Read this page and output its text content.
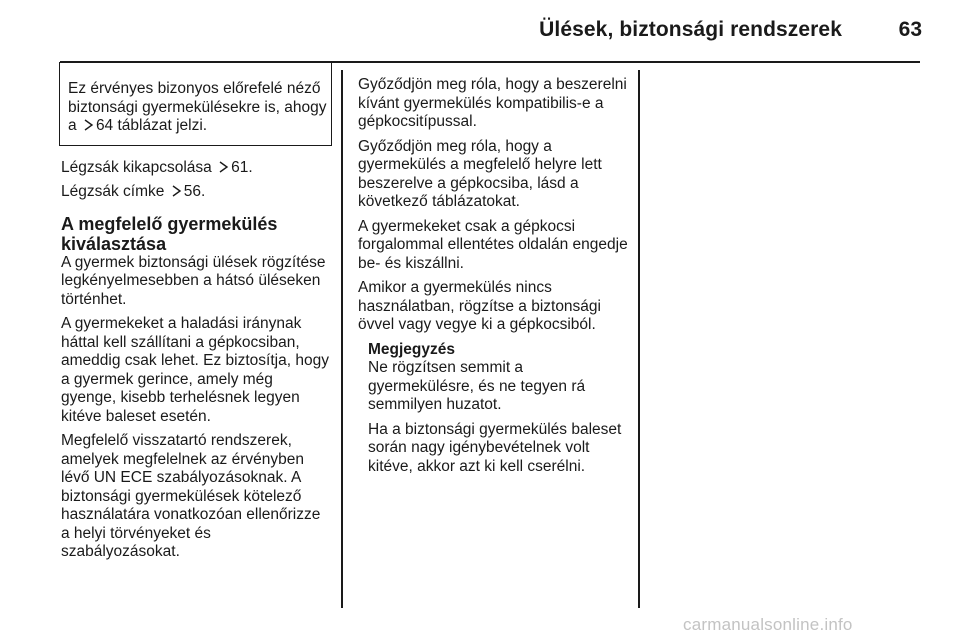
Ülések, biztonsági rendszerek	63
Ez érvényes bizonyos előrefelé néző biztonsági gyermekülésekre is, ahogy a 64 táblázat jelzi.

Légzsák kikapcsolása 61.

Légzsák címke 56.

A megfelelő gyermekülés kiválasztása

A gyermek biztonsági ülések rögzítése legkényelmesebben a hátsó üléseken történhet.

A gyermekeket a haladási iránynak háttal kell szállítani a gépkocsiban, ameddig csak lehet. Ez biztosítja, hogy a gyermek gerince, amely még gyenge, kisebb terhelésnek legyen kitéve baleset esetén.

Megfelelő visszatartó rendszerek, amelyek megfelelnek az érvényben lévő UN ECE szabályozásoknak. A biztonsági gyermekülések kötelező használatára vonatkozóan ellenőrizze a helyi törvényeket és szabályozásokat.

Győződjön meg róla, hogy a beszerelni kívánt gyermekülés kompatibilis-e a gépkocsitípussal.

Győződjön meg róla, hogy a gyermekülés a megfelelő helyre lett beszerelve a gépkocsiba, lásd a következő táblázatokat.

A gyermekeket csak a gépkocsi forgalommal ellentétes oldalán engedje be- és kiszállni.

Amikor a gyermekülés nincs használatban, rögzítse a biztonsági övvel vagy vegye ki a gépkocsiból.

Megjegyzés

Ne rögzítsen semmit a gyermekülésre, és ne tegyen rá semmilyen huzatot.

Ha a biztonsági gyermekülés baleset során nagy igénybevételnek volt kitéve, akkor azt ki kell cserélni.

carmanualsonline.info
